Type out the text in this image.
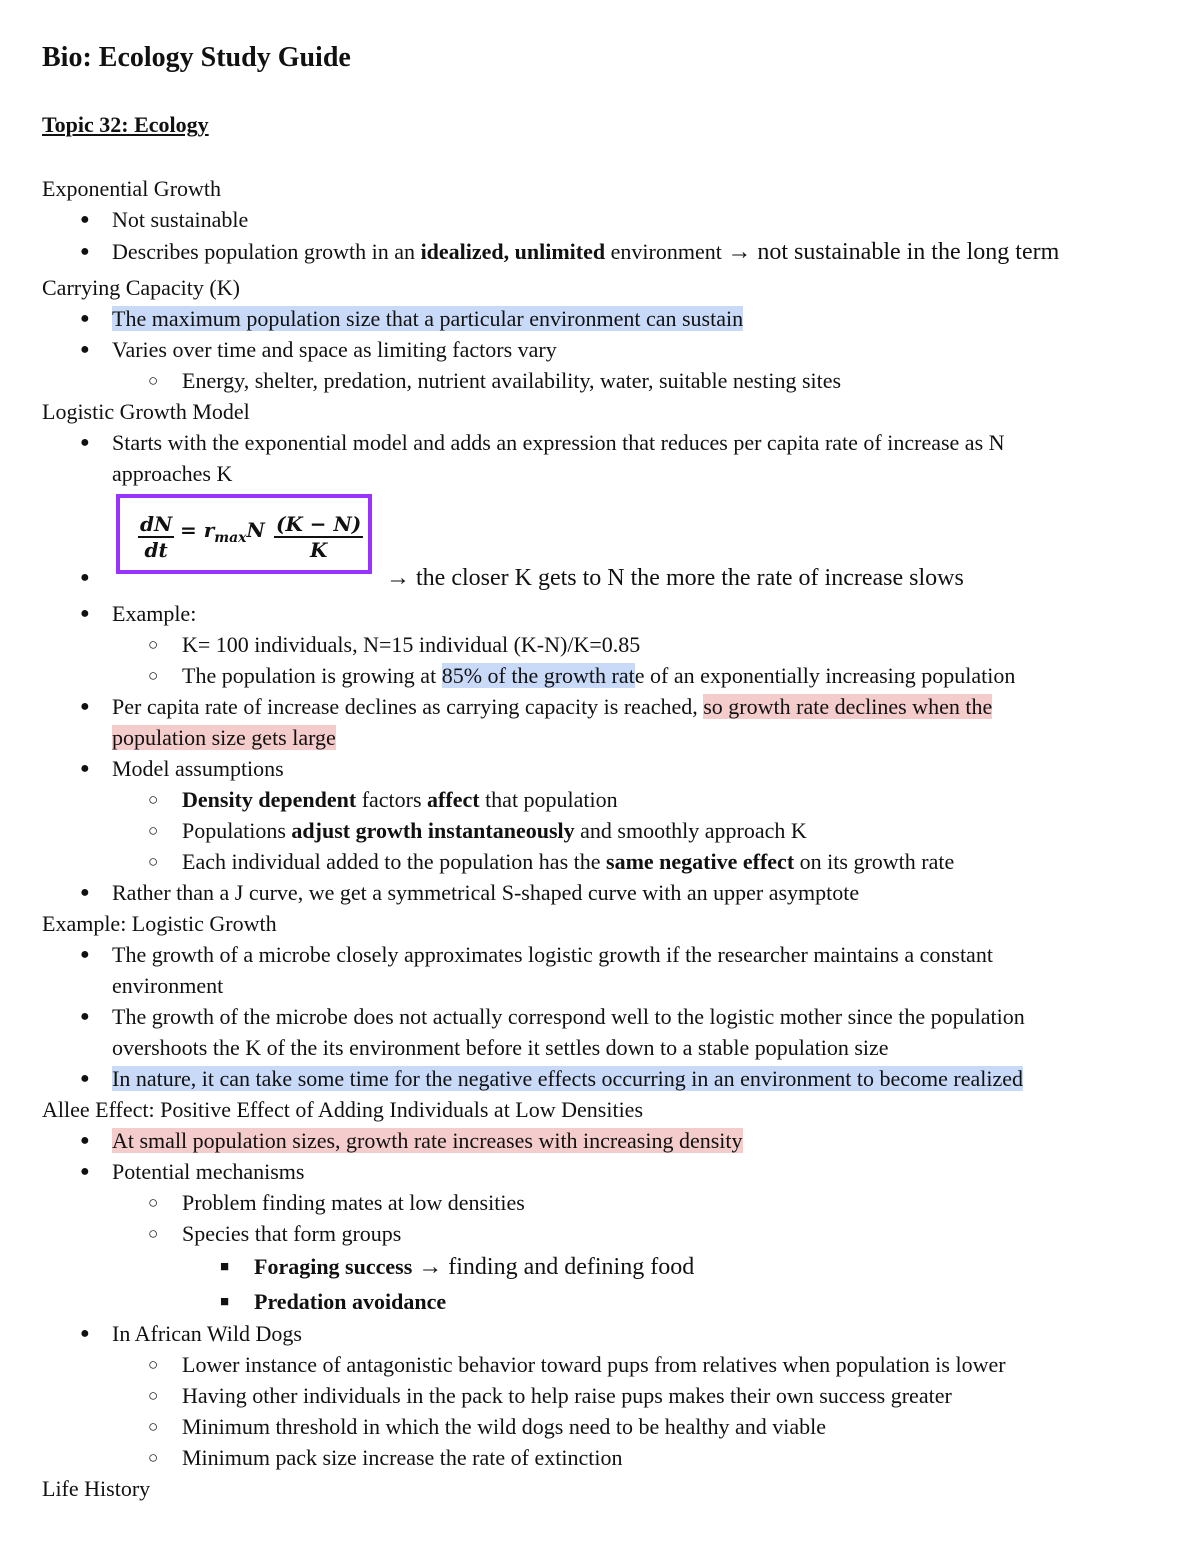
Bio: Ecology Study Guide
Topic 32: Ecology
Exponential Growth
● Not sustainable
● Describes population growth in an idealized, unlimited environment → not sustainable in the long term
Carrying Capacity (K)
● The maximum population size that a particular environment can sustain
● Varies over time and space as limiting factors vary
○ Energy, shelter, predation, nutrient availability, water, suitable nesting sites
Logistic Growth Model
● Starts with the exponential model and adds an expression that reduces per capita rate of increase as N
approaches K
$\frac{dN}{dt} = r_{max}N \frac{(K - N)}{K}$
●	→ the closer K gets to N the more the rate of increase slows
● Example:
○ K= 100 individuals, N=15 individual (K-N)/K=0.85
○ The population is growing at 85% of the growth rate of an exponentially increasing population
● Per capita rate of increase declines as carrying capacity is reached, so growth rate declines when the
population size gets large
● Model assumptions
○ Density dependent factors affect that population
○ Populations adjust growth instantaneously and smoothly approach K
○ Each individual added to the population has the same negative effect on its growth rate
● Rather than a J curve, we get a symmetrical S-shaped curve with an upper asymptote
Example: Logistic Growth
● The growth of a microbe closely approximates logistic growth if the researcher maintains a constant
environment
● The growth of the microbe does not actually correspond well to the logistic mother since the population
overshoots the K of the its environment before it settles down to a stable population size
● In nature, it can take some time for the negative effects occurring in an environment to become realized
Allee Effect: Positive Effect of Adding Individuals at Low Densities
● At small population sizes, growth rate increases with increasing density
● Potential mechanisms
○ Problem finding mates at low densities
○ Species that form groups
■ Foraging success → finding and defining food
■ Predation avoidance
● In African Wild Dogs
○ Lower instance of antagonistic behavior toward pups from relatives when population is lower
○ Having other individuals in the pack to help raise pups makes their own success greater
○ Minimum threshold in which the wild dogs need to be healthy and viable
○ Minimum pack size increase the rate of extinction
Life History
